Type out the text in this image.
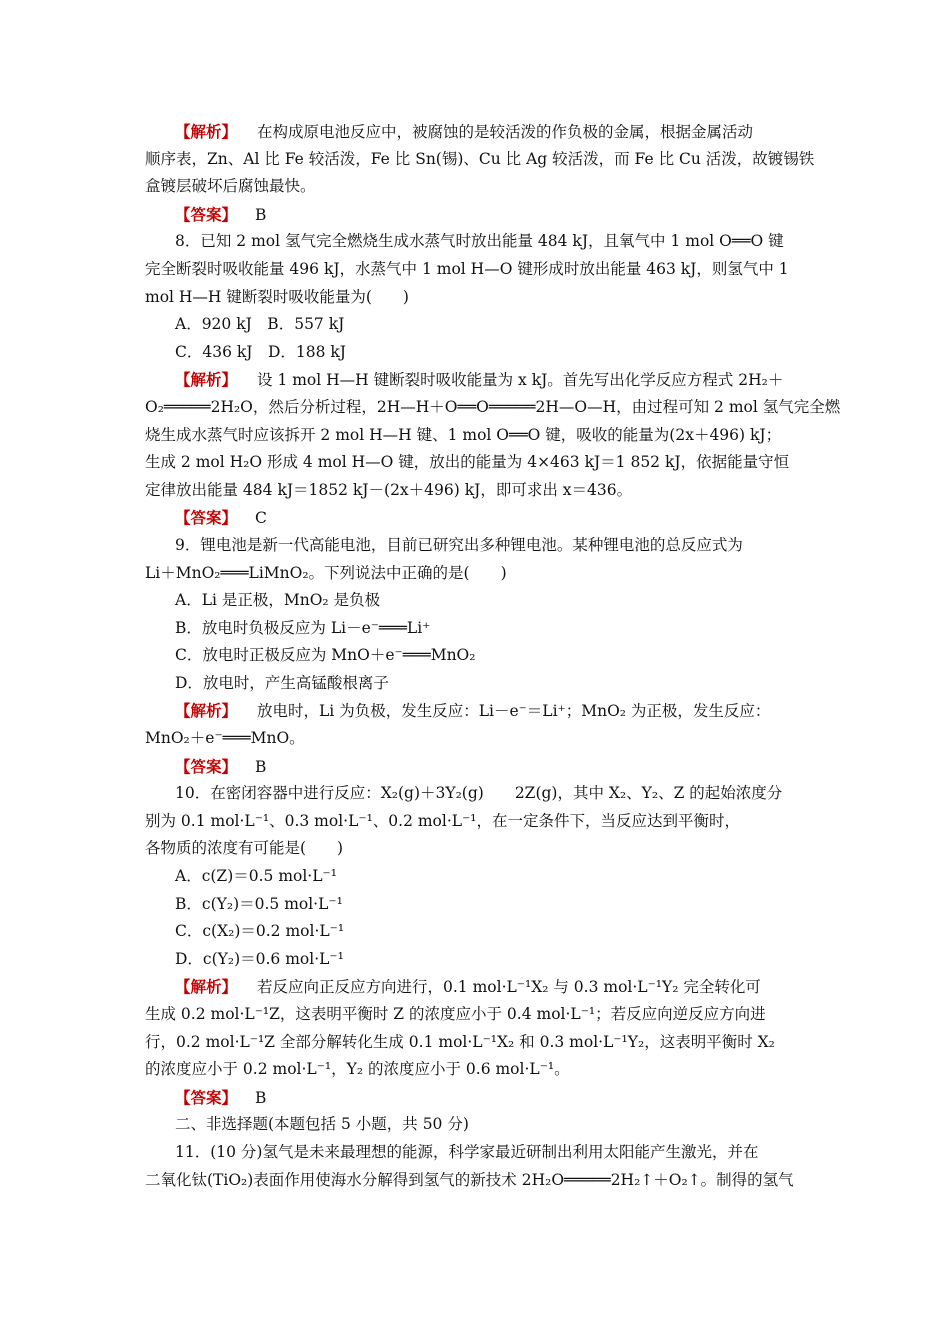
【解析】 在构成原电池反应中，被腐蚀的是较活泼的作负极的金属，根据金属活动
顺序表，Zn、Al 比 Fe 较活泼，Fe 比 Sn(锡)、Cu 比 Ag 较活泼，而 Fe 比 Cu 活泼，故镀锡铁
盒镀层破坏后腐蚀最快。
【答案】 B
8．已知 2 mol 氢气完全燃烧生成水蒸气时放出能量 484 kJ，且氧气中 1 mol O══O 键
完全断裂时吸收能量 496 kJ，水蒸气中 1 mol H—O 键形成时放出能量 463 kJ，则氢气中 1
mol H—H 键断裂时吸收能量为(　　)
A．920 kJ　B．557 kJ
C．436 kJ　D．188 kJ
【解析】 设 1 mol H—H 键断裂时吸收能量为 x kJ。首先写出化学反应方程式 2H₂＋
O₂═════2H₂O，然后分析过程，2H—H＋O══O═════2H—O—H，由过程可知 2 mol 氢气完全燃
烧生成水蒸气时应该拆开 2 mol H—H 键、1 mol O══O 键，吸收的能量为(2x＋496) kJ；
生成 2 mol H₂O 形成 4 mol H—O 键，放出的能量为 4×463 kJ＝1 852 kJ，依据能量守恒
定律放出能量 484 kJ＝1852 kJ－(2x＋496) kJ，即可求出 x＝436。
【答案】 C
9．锂电池是新一代高能电池，目前已研究出多种锂电池。某种锂电池的总反应式为
Li＋MnO₂═══LiMnO₂。下列说法中正确的是(　　)
A．Li 是正极，MnO₂ 是负极
B．放电时负极反应为 Li－e⁻═══Li⁺
C．放电时正极反应为 MnO＋e⁻═══MnO₂
D．放电时，产生高锰酸根离子
【解析】 放电时，Li 为负极，发生反应：Li－e⁻＝Li⁺；MnO₂ 为正极，发生反应：
MnO₂＋e⁻═══MnO。
【答案】 B
10．在密闭容器中进行反应：X₂(g)＋3Y₂(g)　　2Z(g)，其中 X₂、Y₂、Z 的起始浓度分
别为 0.1 mol·L⁻¹、0.3 mol·L⁻¹、0.2 mol·L⁻¹，在一定条件下，当反应达到平衡时，
各物质的浓度有可能是(　　)
A．c(Z)＝0.5 mol·L⁻¹
B．c(Y₂)＝0.5 mol·L⁻¹
C．c(X₂)＝0.2 mol·L⁻¹
D．c(Y₂)＝0.6 mol·L⁻¹
【解析】 若反应向正反应方向进行，0.1 mol·L⁻¹X₂ 与 0.3 mol·L⁻¹Y₂ 完全转化可
生成 0.2 mol·L⁻¹Z，这表明平衡时 Z 的浓度应小于 0.4 mol·L⁻¹；若反应向逆反应方向进
行，0.2 mol·L⁻¹Z 全部分解转化生成 0.1 mol·L⁻¹X₂ 和 0.3 mol·L⁻¹Y₂，这表明平衡时 X₂
的浓度应小于 0.2 mol·L⁻¹，Y₂ 的浓度应小于 0.6 mol·L⁻¹。
【答案】 B
二、非选择题(本题包括 5 小题，共 50 分)
11．(10 分)氢气是未来最理想的能源，科学家最近研制出利用太阳能产生激光，并在
二氧化钛(TiO₂)表面作用使海水分解得到氢气的新技术 2H₂O═════2H₂↑＋O₂↑。制得的氢气
